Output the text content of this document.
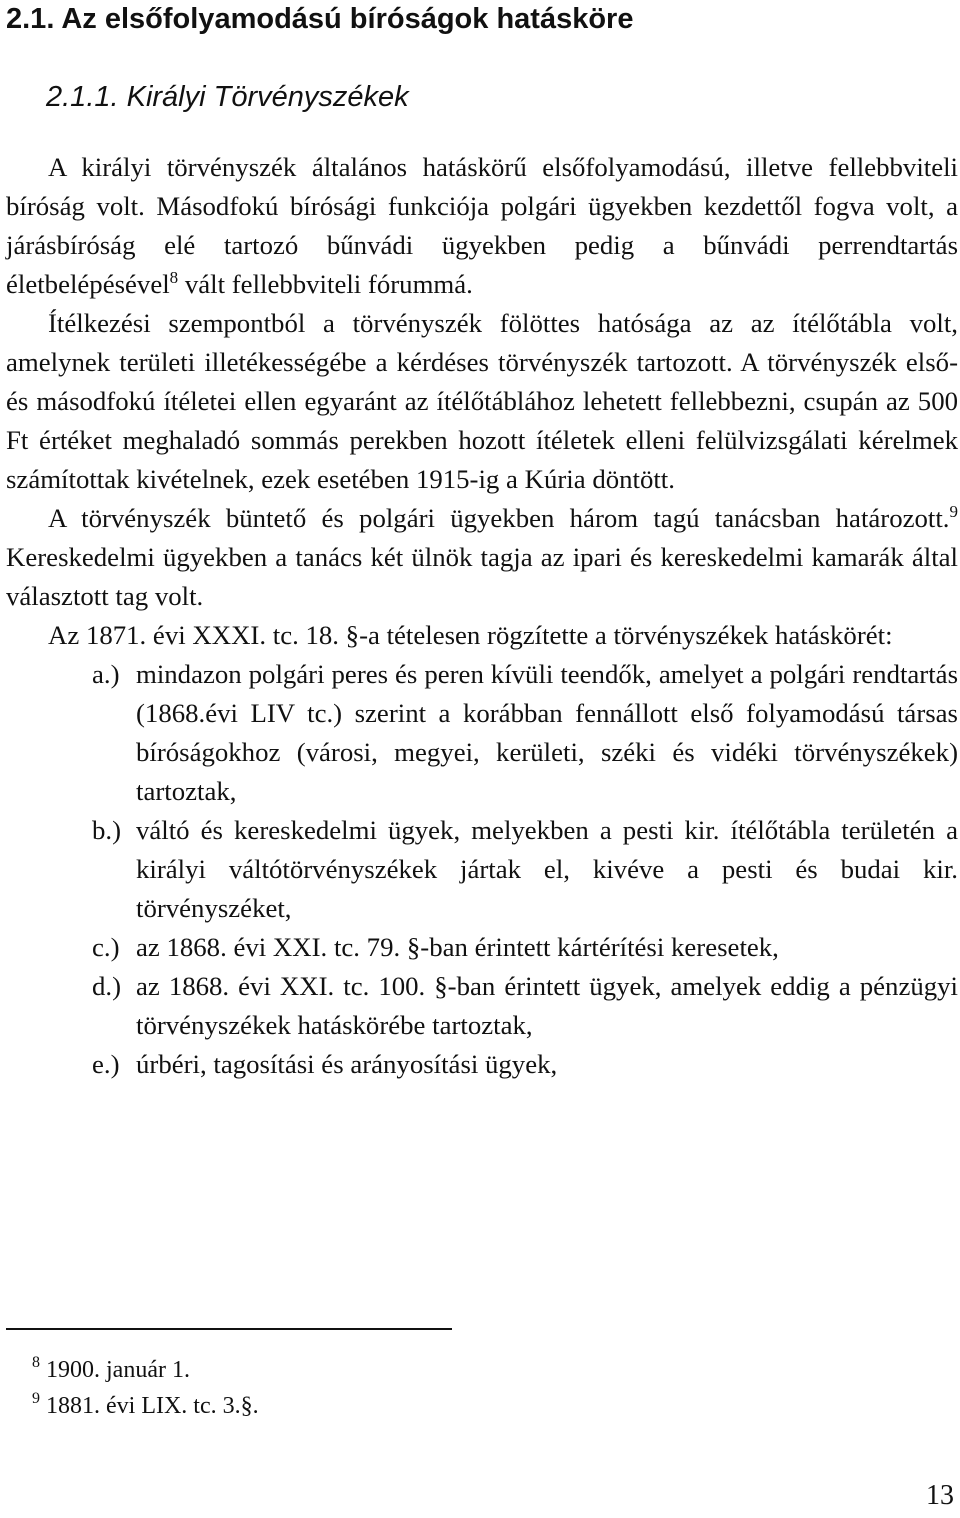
2.1. Az elsőfolyamodású bíróságok hatásköre
2.1.1. Királyi Törvényszékek

A királyi törvényszék általános hatáskörű elsőfolyamodású, illetve fellebbviteli bíróság volt. Másodfokú bírósági funkciója polgári ügyekben kezdettől fogva volt, a járásbíróság elé tartozó bűnvádi ügyekben pedig a bűnvádi perrendtartás életbelépésével$^8$ vált fellebbviteli fórummá.

Ítélkezési szempontból a törvényszék fölöttes hatósága az az ítélőtábla volt, amelynek területi illetékességébe a kérdéses törvényszék tartozott. A törvényszék első- és másodfokú ítéletei ellen egyaránt az ítélőtáblához lehetett fellebbezni, csupán az 500 Ft értéket meghaladó sommás perekben hozott ítéletek elleni felülvizsgálati kérelmek számítottak kivételnek, ezek esetében 1915-ig a Kúria döntött.

A törvényszék büntető és polgári ügyekben három tagú tanácsban határozott.$^9$ Kereskedelmi ügyekben a tanács két ülnök tagja az ipari és kereskedelmi kamarák által választott tag volt.

Az 1871. évi XXXI. tc. 18. §-a tételesen rögzítette a törvényszékek hatáskörét:

a.) mindazon polgári peres és peren kívüli teendők, amelyet a polgári rendtartás (1868.évi LIV tc.) szerint a korábban fennállott első folyamodású társas bíróságokhoz (városi, megyei, kerületi, széki és vidéki törvényszékek) tartoztak,
b.) váltó és kereskedelmi ügyek, melyekben a pesti kir. ítélőtábla területén a királyi váltótörvényszékek jártak el, kivéve a pesti és budai kir. törvényszéket,
c.) az 1868. évi XXI. tc. 79. §-ban érintett kártérítési keresetek,
d.) az 1868. évi XXI. tc. 100. §-ban érintett ügyek, amelyek eddig a pénzügyi törvényszékek hatáskörébe tartoztak,
e.) úrbéri, tagosítási és arányosítási ügyek,
$^8$ 1900. január 1.
$^9$ 1881. évi LIX. tc. 3.§.
13
